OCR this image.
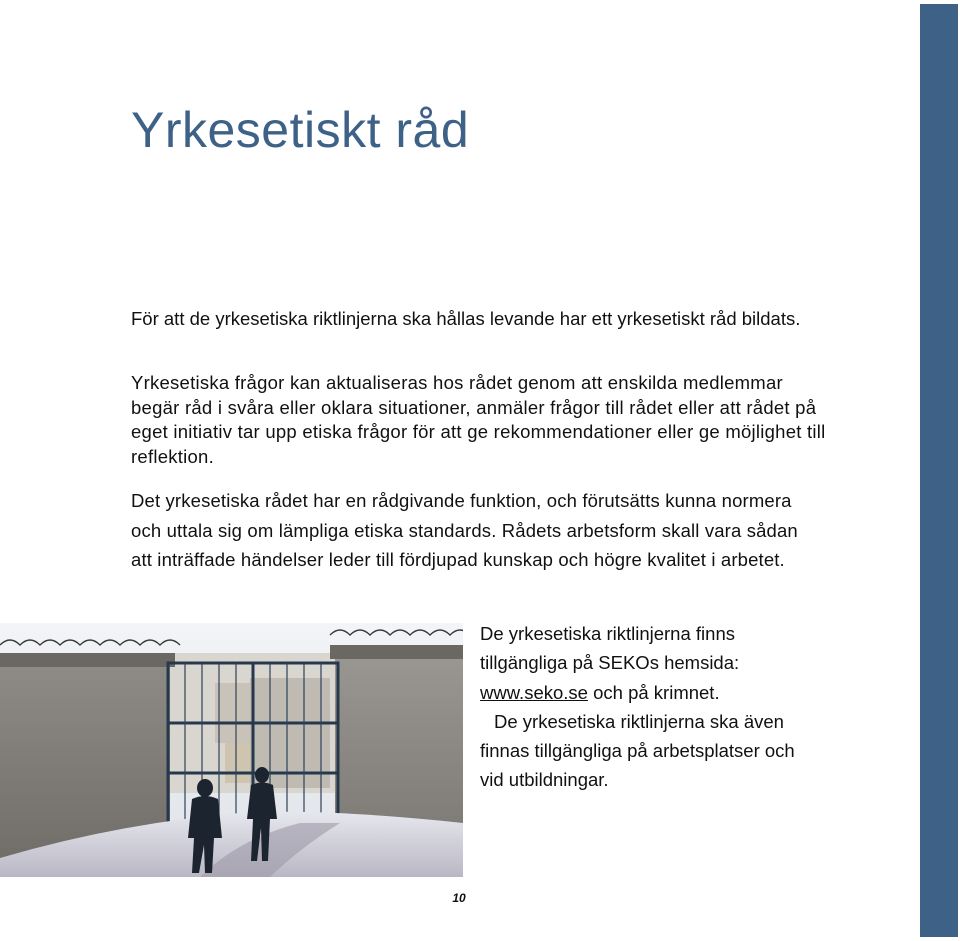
Yrkesetiskt råd

För att de yrkesetiska riktlinjerna ska hållas levande har ett yrkesetiskt råd bildats.

Yrkesetiska frågor kan aktualiseras hos rådet genom att enskilda medlemmar begär råd i svåra eller oklara situationer, anmäler frågor till rådet eller att rådet på eget initiativ tar upp etiska frågor för att ge rekommendationer eller ge möjlighet till reflektion.

Det yrkesetiska rådet har en rådgivande funktion, och förutsätts kunna normera och uttala sig om lämpliga etiska standards. Rådets arbetsform skall vara sådan att inträffade händelser leder till fördjupad kunskap och högre kvalitet i arbetet.

De yrkesetiska riktlinjerna finns tillgängliga på SEKOs hemsida: www.seko.se och på krimnet.
De yrkesetiska riktlinjerna ska även finnas tillgängliga på arbetsplatser och vid utbildningar.

10
